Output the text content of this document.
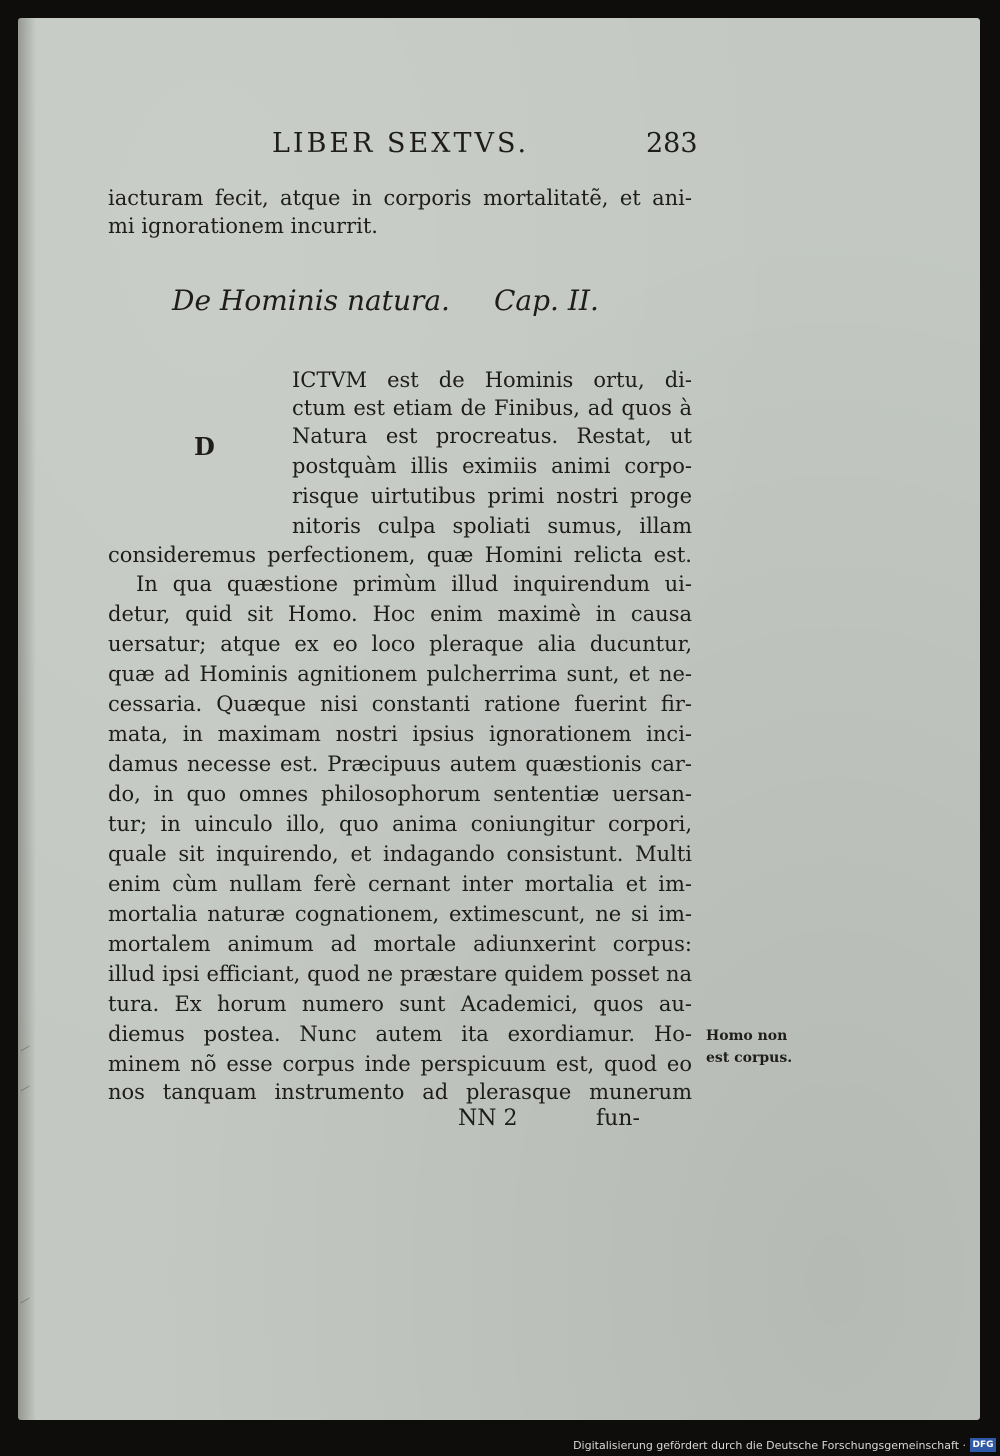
LIBER SEXTVS.	283
iacturam fecit, atque in corporis mortalitatẽ, et ani-
mi ignorationem incurrit.
De Hominis natura. Cap. II.
D
ICTVM est de Hominis ortu, di-
ctum est etiam de Finibus, ad quos à
Natura est procreatus. Restat, ut
postquàm illis eximiis animi corpo-
risque uirtutibus primi nostri proge
nitoris culpa spoliati sumus, illam
consideremus perfectionem, quæ Homini relicta est.
In qua quæstione primùm illud inquirendum ui-
detur, quid sit Homo. Hoc enim maximè in causa
uersatur; atque ex eo loco pleraque alia ducuntur,
quæ ad Hominis agnitionem pulcherrima sunt, et ne-
cessaria. Quæque nisi constanti ratione fuerint fir-
mata, in maximam nostri ipsius ignorationem inci-
damus necesse est. Præcipuus autem quæstionis car-
do, in quo omnes philosophorum sententiæ uersan-
tur; in uinculo illo, quo anima coniungitur corpori,
quale sit inquirendo, et indagando consistunt. Multi
enim cùm nullam ferè cernant inter mortalia et im-
mortalia naturæ cognationem, extimescunt, ne si im-
mortalem animum ad mortale adiunxerint corpus:
illud ipsi efficiant, quod ne præstare quidem posset na
tura. Ex horum numero sunt Academici, quos au-
diemus postea. Nunc autem ita exordiamur. Ho-
minem nõ esse corpus inde perspicuum est, quod eo
nos tanquam instrumento ad plerasque munerum
Homo non
est corpus.
NN 2	fun-
Digitalisierung gefördert durch die Deutsche Forschungsgemeinschaft · DFG
